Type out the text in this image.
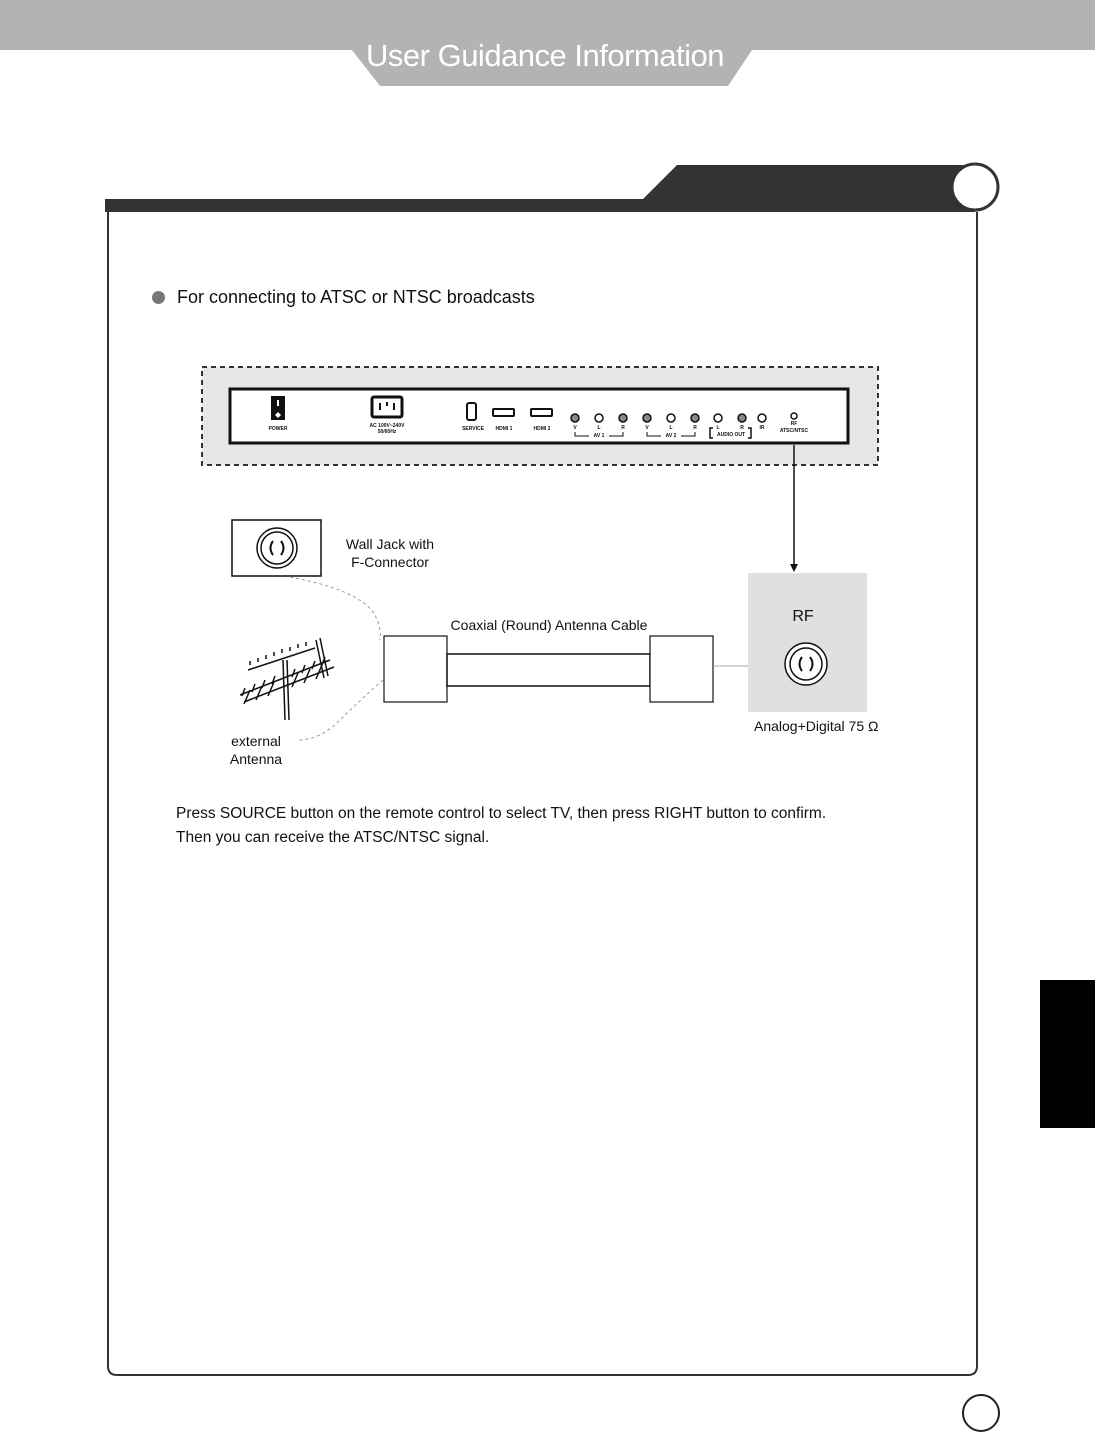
User Guidance Information
For connecting to ATSC or NTSC broadcasts
POWER	AC 100V~240V
50/60Hz	SERVICE	HDMI 1	HDMI 2	V	L	R
AV 1
V	L	R
AV 2
L	R
AUDIO OUT
IR
RF
ATSC/NTSC
Wall Jack with
F-Connector
Coaxial (Round) Antenna Cable	RF
Analog+Digital 75 Ω
external
Antenna
Press SOURCE button on the remote control to select TV, then press RIGHT button to confirm.
Then you can receive the ATSC/NTSC signal.
